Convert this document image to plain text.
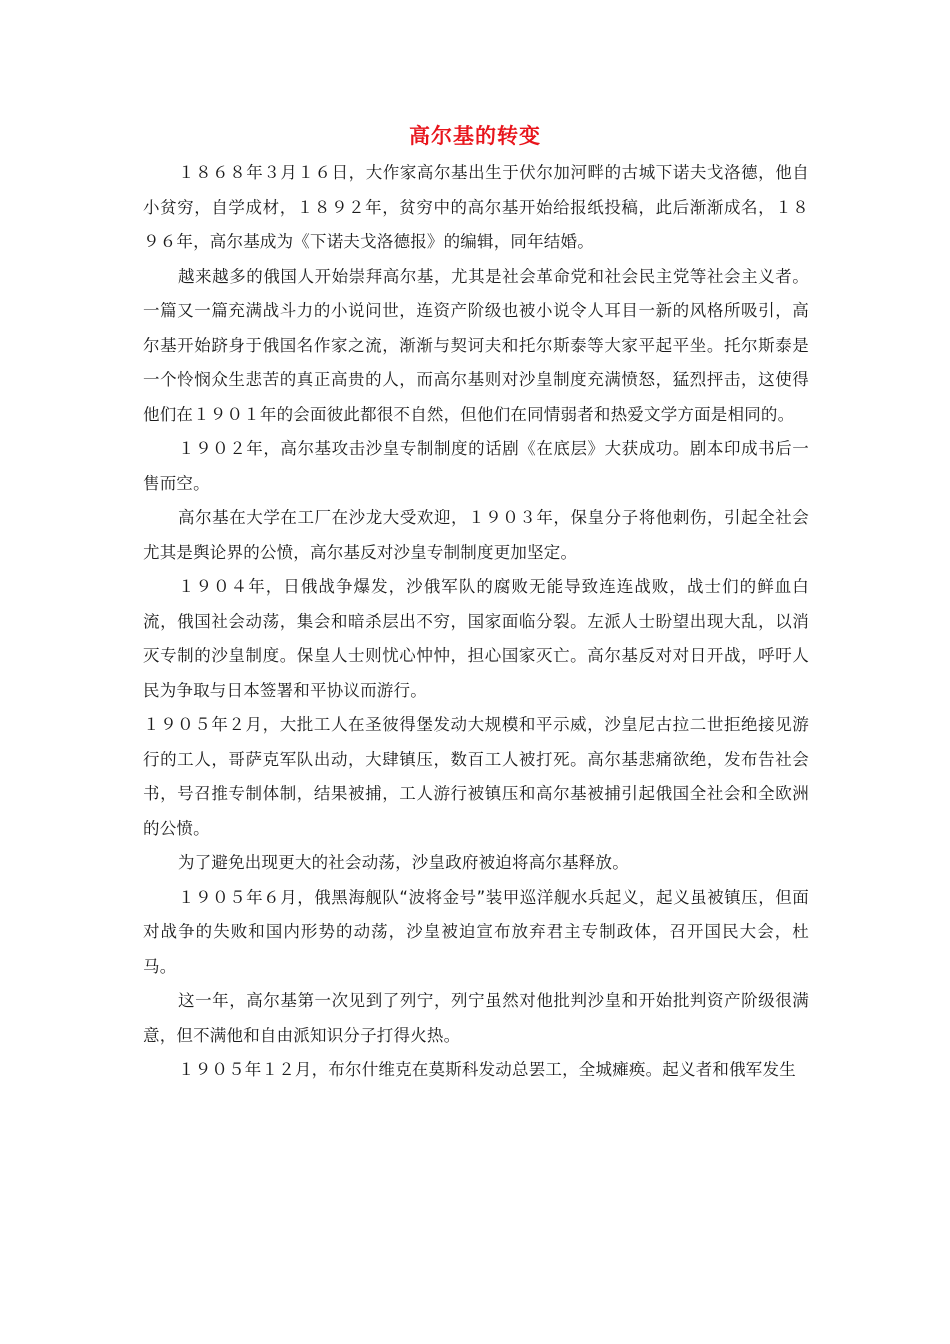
高尔基的转变

１８６８年３月１６日，大作家高尔基出生于伏尔加河畔的古城下诺夫戈洛德，他自小贫穷，自学成材，１８９２年，贫穷中的高尔基开始给报纸投稿，此后渐渐成名，１８９６年，高尔基成为《下诺夫戈洛德报》的编辑，同年结婚。

越来越多的俄国人开始崇拜高尔基，尤其是社会革命党和社会民主党等社会主义者。一篇又一篇充满战斗力的小说问世，连资产阶级也被小说令人耳目一新的风格所吸引，高尔基开始跻身于俄国名作家之流，渐渐与契诃夫和托尔斯泰等大家平起平坐。托尔斯泰是一个怜悯众生悲苦的真正高贵的人，而高尔基则对沙皇制度充满愤怒，猛烈抨击，这使得他们在１９０１年的会面彼此都很不自然，但他们在同情弱者和热爱文学方面是相同的。

１９０２年，高尔基攻击沙皇专制制度的话剧《在底层》大获成功。剧本印成书后一售而空。

高尔基在大学在工厂在沙龙大受欢迎，１９０３年，保皇分子将他刺伤，引起全社会尤其是舆论界的公愤，高尔基反对沙皇专制制度更加坚定。

１９０４年，日俄战争爆发，沙俄军队的腐败无能导致连连战败，战士们的鲜血白流，俄国社会动荡，集会和暗杀层出不穷，国家面临分裂。左派人士盼望出现大乱，以消灭专制的沙皇制度。保皇人士则忧心忡忡，担心国家灭亡。高尔基反对对日开战，呼吁人民为争取与日本签署和平协议而游行。

１９０５年２月，大批工人在圣彼得堡发动大规模和平示威，沙皇尼古拉二世拒绝接见游行的工人，哥萨克军队出动，大肆镇压，数百工人被打死。高尔基悲痛欲绝，发布告社会书，号召推专制体制，结果被捕，工人游行被镇压和高尔基被捕引起俄国全社会和全欧洲的公愤。

为了避免出现更大的社会动荡，沙皇政府被迫将高尔基释放。

１９０５年６月，俄黑海舰队“波将金号”装甲巡洋舰水兵起义，起义虽被镇压，但面对战争的失败和国内形势的动荡，沙皇被迫宣布放弃君主专制政体，召开国民大会，杜马。

这一年，高尔基第一次见到了列宁，列宁虽然对他批判沙皇和开始批判资产阶级很满意，但不满他和自由派知识分子打得火热。

１９０５年１２月，布尔什维克在莫斯科发动总罢工，全城瘫痪。起义者和俄军发生
